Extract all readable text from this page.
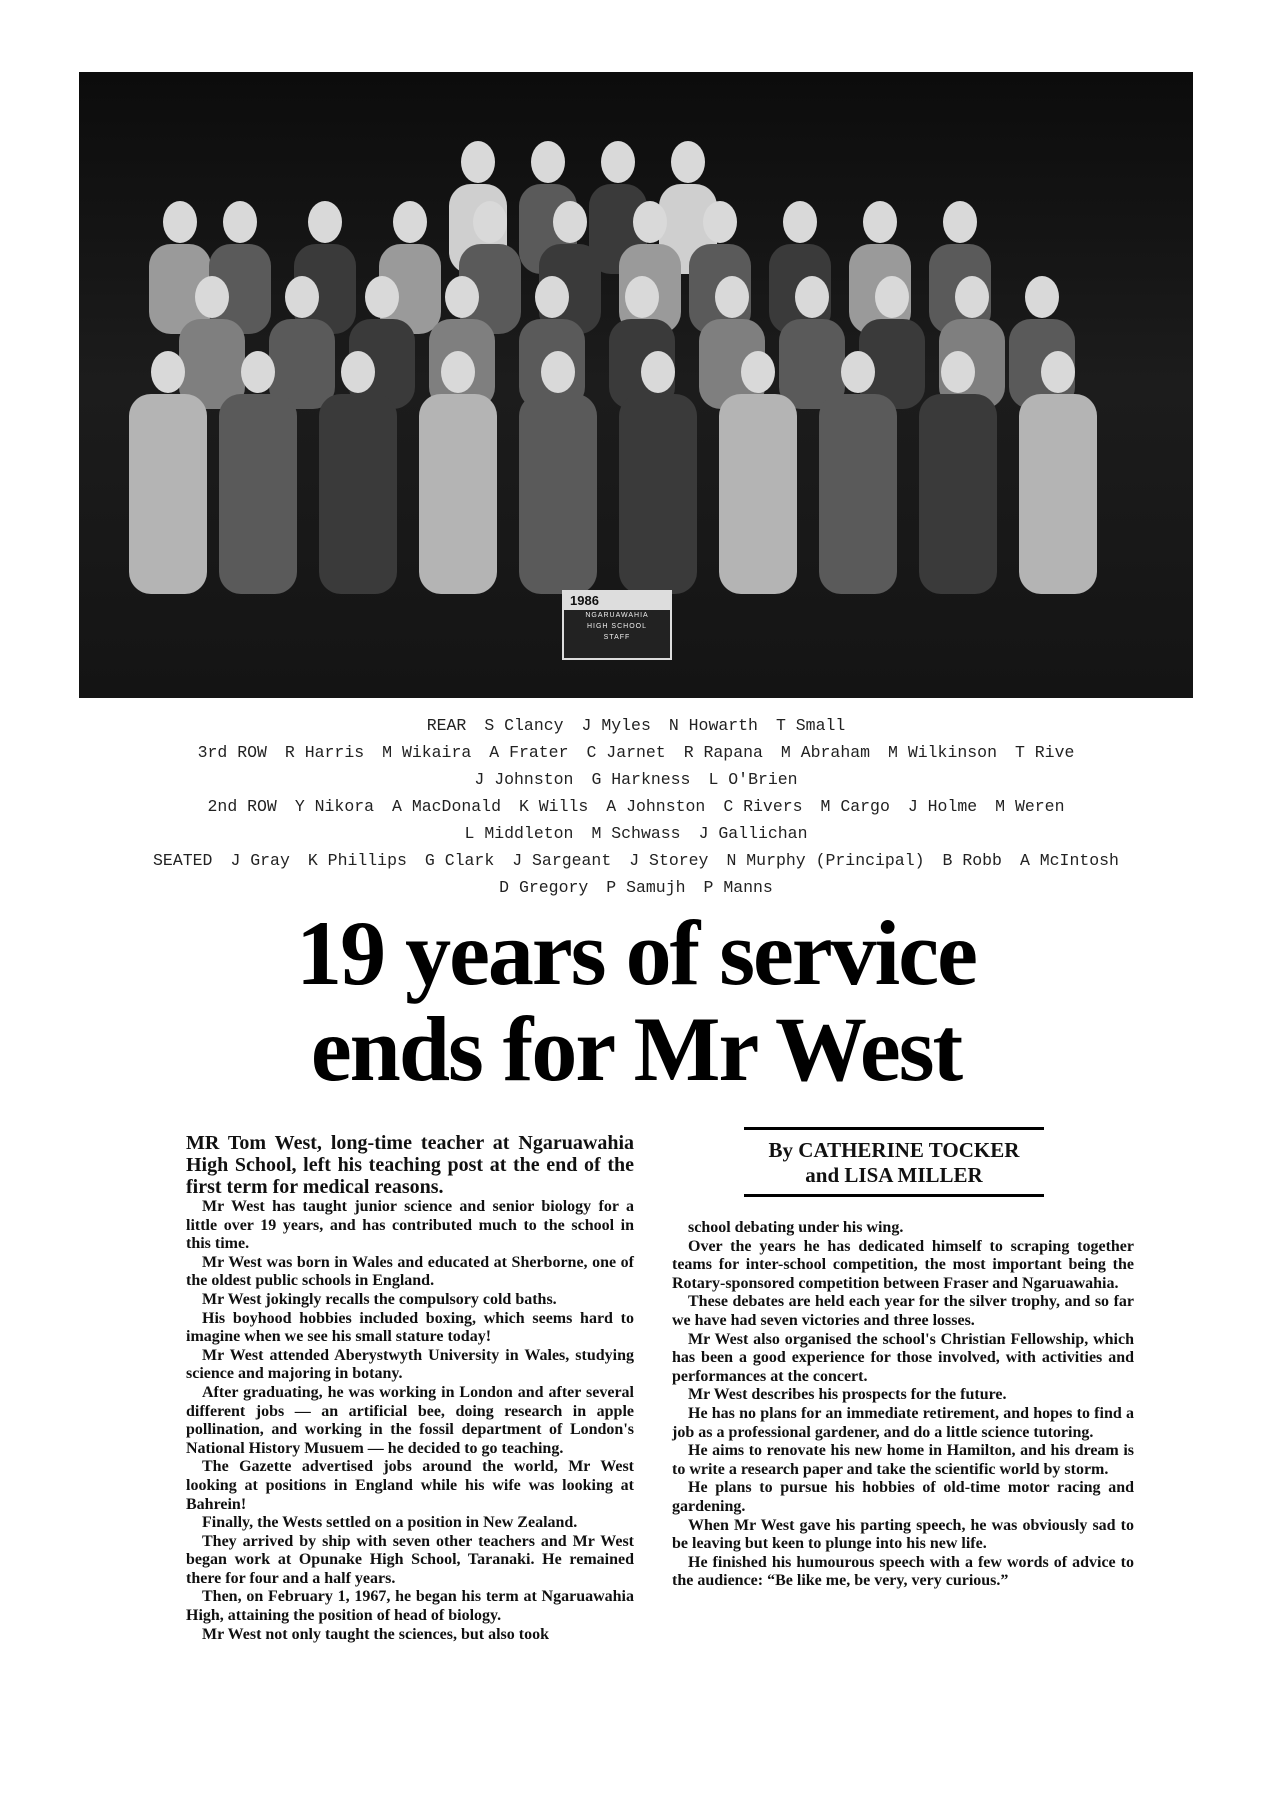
1986
NGARUAWAHIA
HIGH SCHOOL
STAFF
REAR S Clancy J Myles N Howarth T Small
3rd ROW R Harris M Wikaira A Frater C Jarnet R Rapana M Abraham M Wilkinson T Rive
J Johnston G Harkness L O'Brien
2nd ROW Y Nikora A MacDonald K Wills A Johnston C Rivers M Cargo J Holme M Weren
L Middleton M Schwass J Gallichan
SEATED J Gray K Phillips G Clark J Sargeant J Storey N Murphy (Principal) B Robb A McIntosh
D Gregory P Samujh P Manns
19 years of service
ends for Mr West
By CATHERINE TOCKER
and LISA MILLER

MR Tom West, long-time teacher at Ngaruawahia High School, left his teaching post at the end of the first term for medical reasons.

Mr West has taught junior science and senior biology for a little over 19 years, and has contributed much to the school in this time.

Mr West was born in Wales and educated at Sherborne, one of the oldest public schools in England.

Mr West jokingly recalls the compulsory cold baths.

His boyhood hobbies included boxing, which seems hard to imagine when we see his small stature today!

Mr West attended Aberystwyth University in Wales, studying science and majoring in botany.

After graduating, he was working in London and after several different jobs — an artificial bee, doing research in apple pollination, and working in the fossil department of London's National History Musuem — he decided to go teaching.

The Gazette advertised jobs around the world, Mr West looking at positions in England while his wife was looking at Bahrein!

Finally, the Wests settled on a position in New Zealand.

They arrived by ship with seven other teachers and Mr West began work at Opunake High School, Taranaki. He remained there for four and a half years.

Then, on February 1, 1967, he began his term at Ngaruawahia High, attaining the position of head of biology.

Mr West not only taught the sciences, but also took

school debating under his wing.

Over the years he has dedicated himself to scraping together teams for inter-school competition, the most important being the Rotary-sponsored competition between Fraser and Ngaruawahia.

These debates are held each year for the silver trophy, and so far we have had seven victories and three losses.

Mr West also organised the school's Christian Fellowship, which has been a good experience for those involved, with activities and performances at the concert.

Mr West describes his prospects for the future.

He has no plans for an immediate retirement, and hopes to find a job as a professional gardener, and do a little science tutoring.

He aims to renovate his new home in Hamilton, and his dream is to write a research paper and take the scientific world by storm.

He plans to pursue his hobbies of old-time motor racing and gardening.

When Mr West gave his parting speech, he was obviously sad to be leaving but keen to plunge into his new life.

He finished his humourous speech with a few words of advice to the audience: “Be like me, be very, very curious.”
